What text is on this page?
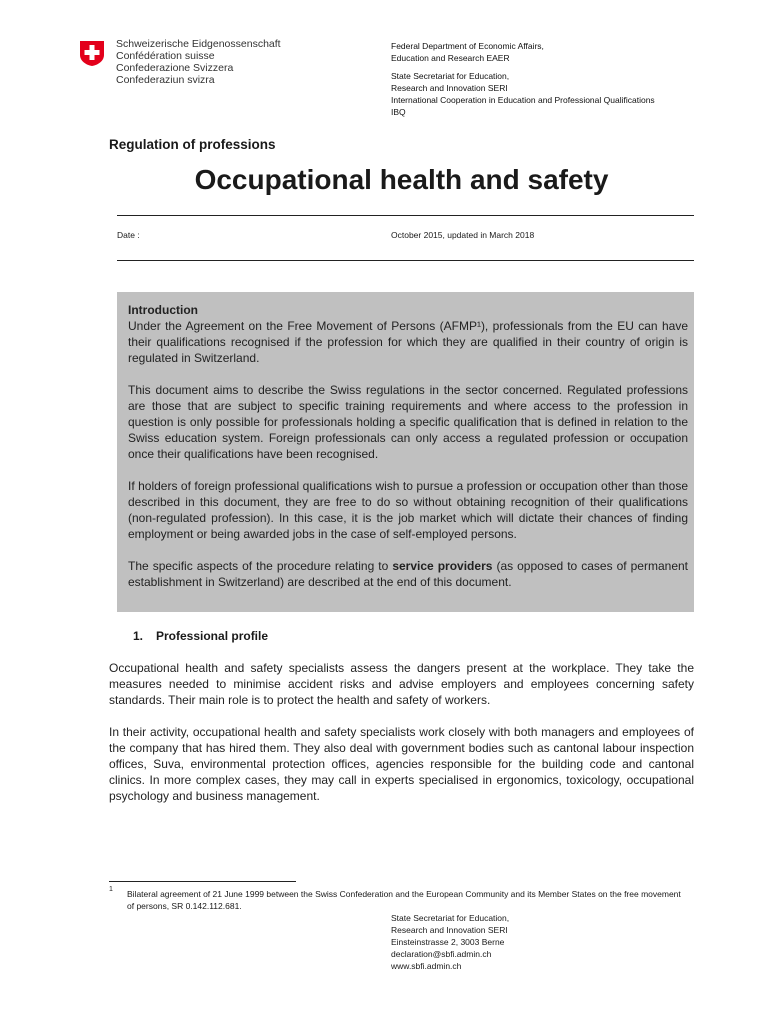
Schweizerische Eidgenossenschaft
Confédération suisse
Confederazione Svizzera
Confederaziun svizra
Federal Department of Economic Affairs,
Education and Research EAER
State Secretariat for Education,
Research and Innovation SERI
International Cooperation in Education and Professional Qualifications
IBQ
Regulation of professions
Occupational health and safety
Date :	October 2015, updated in March 2018
Introduction

Under the Agreement on the Free Movement of Persons (AFMP¹), professionals from the EU can have their qualifications recognised if the profession for which they are qualified in their country of origin is regulated in Switzerland.

This document aims to describe the Swiss regulations in the sector concerned. Regulated professions are those that are subject to specific training requirements and where access to the profession in question is only possible for professionals holding a specific qualification that is defined in relation to the Swiss education system. Foreign professionals can only access a regulated profession or occupation once their qualifications have been recognised.

If holders of foreign professional qualifications wish to pursue a profession or occupation other than those described in this document, they are free to do so without obtaining recognition of their qualifications (non-regulated profession). In this case, it is the job market which will dictate their chances of finding employment or being awarded jobs in the case of self-employed persons.

The specific aspects of the procedure relating to service providers (as opposed to cases of permanent establishment in Switzerland) are described at the end of this document.

1. Professional profile

Occupational health and safety specialists assess the dangers present at the workplace. They take the measures needed to minimise accident risks and advise employers and employees concerning safety standards. Their main role is to protect the health and safety of workers.

In their activity, occupational health and safety specialists work closely with both managers and employees of the company that has hired them. They also deal with government bodies such as cantonal labour inspection offices, Suva, environmental protection offices, agencies responsible for the building code and cantonal clinics. In more complex cases, they may call in experts specialised in ergonomics, toxicology, occupational psychology and business management.

1 Bilateral agreement of 21 June 1999 between the Swiss Confederation and the European Community and its Member States on the free movement of persons, SR 0.142.112.681.
State Secretariat for Education,
Research and Innovation SERI
Einsteinstrasse 2, 3003 Berne
declaration@sbfi.admin.ch
www.sbfi.admin.ch
